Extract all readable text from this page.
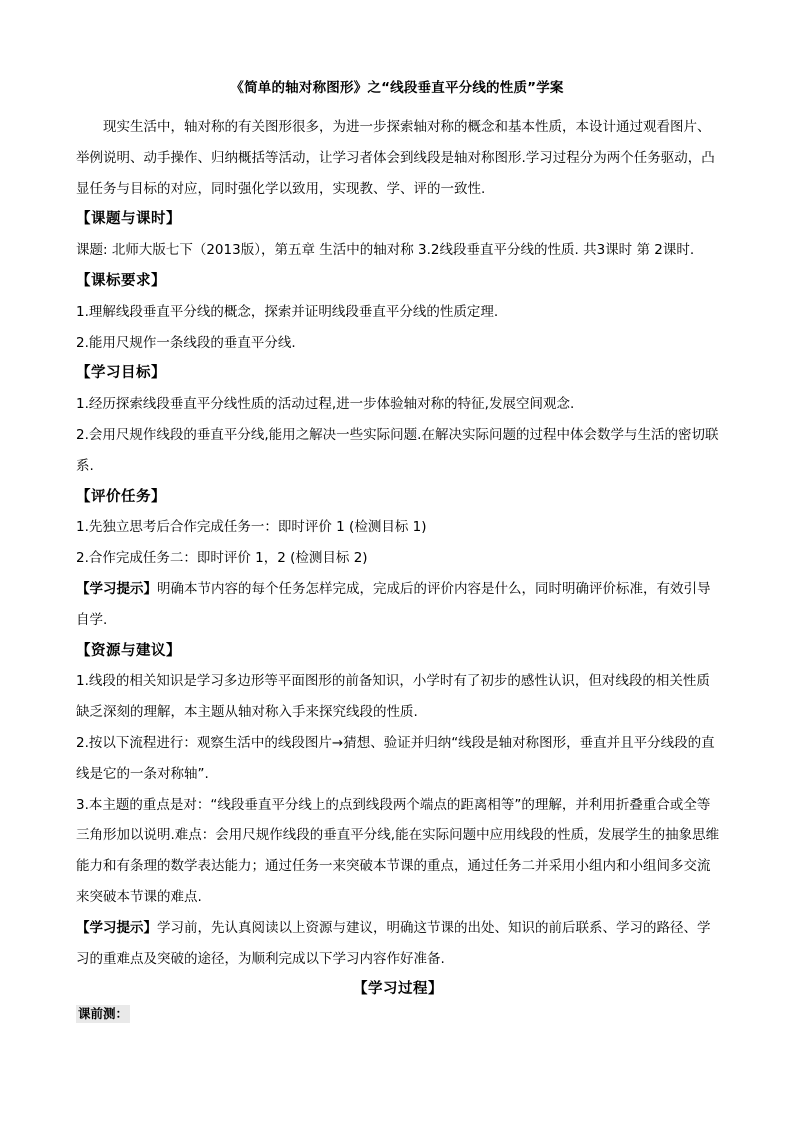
《简单的轴对称图形》之“线段垂直平分线的性质”学案

现实生活中，轴对称的有关图形很多，为进一步探索轴对称的概念和基本性质，本设计通过观看图片、举例说明、动手操作、归纳概括等活动，让学习者体会到线段是轴对称图形.学习过程分为两个任务驱动，凸显任务与目标的对应，同时强化学以致用，实现教、学、评的一致性.

【课题与课时】

课题: 北师大版七下（2013版），第五章 生活中的轴对称 3.2线段垂直平分线的性质. 共3课时 第 2课时.

【课标要求】

1.理解线段垂直平分线的概念，探索并证明线段垂直平分线的性质定理.

2.能用尺规作一条线段的垂直平分线.

【学习目标】

1.经历探索线段垂直平分线性质的活动过程,进一步体验轴对称的特征,发展空间观念.

2.会用尺规作线段的垂直平分线,能用之解决一些实际问题.在解决实际问题的过程中体会数学与生活的密切联系.

【评价任务】

1.先独立思考后合作完成任务一：即时评价 1 (检测目标 1)

2.合作完成任务二：即时评价 1，2 (检测目标 2)

【学习提示】明确本节内容的每个任务怎样完成，完成后的评价内容是什么，同时明确评价标准，有效引导自学.

【资源与建议】

1.线段的相关知识是学习多边形等平面图形的前备知识，小学时有了初步的感性认识，但对线段的相关性质缺乏深刻的理解，本主题从轴对称入手来探究线段的性质.

2.按以下流程进行：观察生活中的线段图片→猜想、验证并归纳“线段是轴对称图形，垂直并且平分线段的直线是它的一条对称轴”.

3.本主题的重点是对：“线段垂直平分线上的点到线段两个端点的距离相等”的理解，并利用折叠重合或全等三角形加以说明.难点：会用尺规作线段的垂直平分线,能在实际问题中应用线段的性质，发展学生的抽象思维能力和有条理的数学表达能力；通过任务一来突破本节课的重点，通过任务二并采用小组内和小组间多交流来突破本节课的难点.

【学习提示】学习前，先认真阅读以上资源与建议，明确这节课的出处、知识的前后联系、学习的路径、学习的重难点及突破的途径，为顺利完成以下学习内容作好准备.

【学习过程】

课前测：
